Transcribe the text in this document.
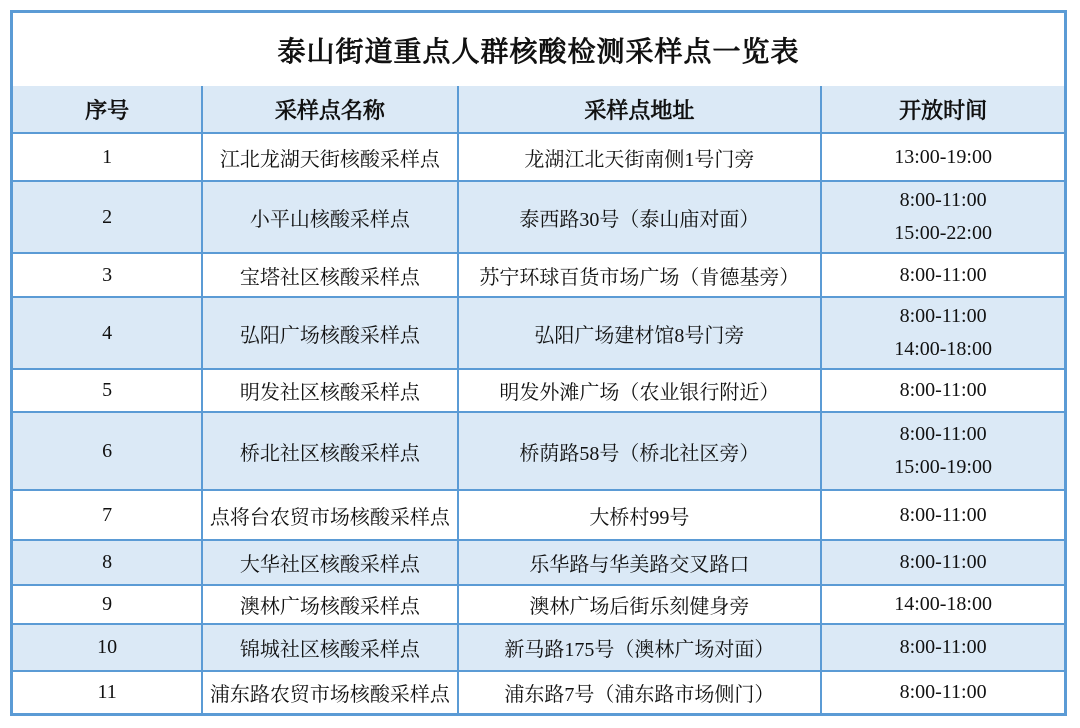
泰山街道重点人群核酸检测采样点一览表
序号	采样点名称	采样点地址	开放时间
1	江北龙湖天街核酸采样点	龙湖江北天街南侧1号门旁	13:00-19:00

2	小平山核酸采样点	泰西路30号（泰山庙对面）	8:00-11:00
15:00-22:00

3	宝塔社区核酸采样点	苏宁环球百货市场广场（肯德基旁）	8:00-11:00

4	弘阳广场核酸采样点	弘阳广场建材馆8号门旁	8:00-11:00
14:00-18:00

5	明发社区核酸采样点	明发外滩广场（农业银行附近）	8:00-11:00

6	桥北社区核酸采样点	桥荫路58号（桥北社区旁）	8:00-11:00
15:00-19:00

7	点将台农贸市场核酸采样点	大桥村99号	8:00-11:00

8	大华社区核酸采样点	乐华路与华美路交叉路口	8:00-11:00

9	澳林广场核酸采样点	澳林广场后街乐刻健身旁	14:00-18:00

10	锦城社区核酸采样点	新马路175号（澳林广场对面）	8:00-11:00

11	浦东路农贸市场核酸采样点	浦东路7号（浦东路市场侧门）	8:00-11:00
